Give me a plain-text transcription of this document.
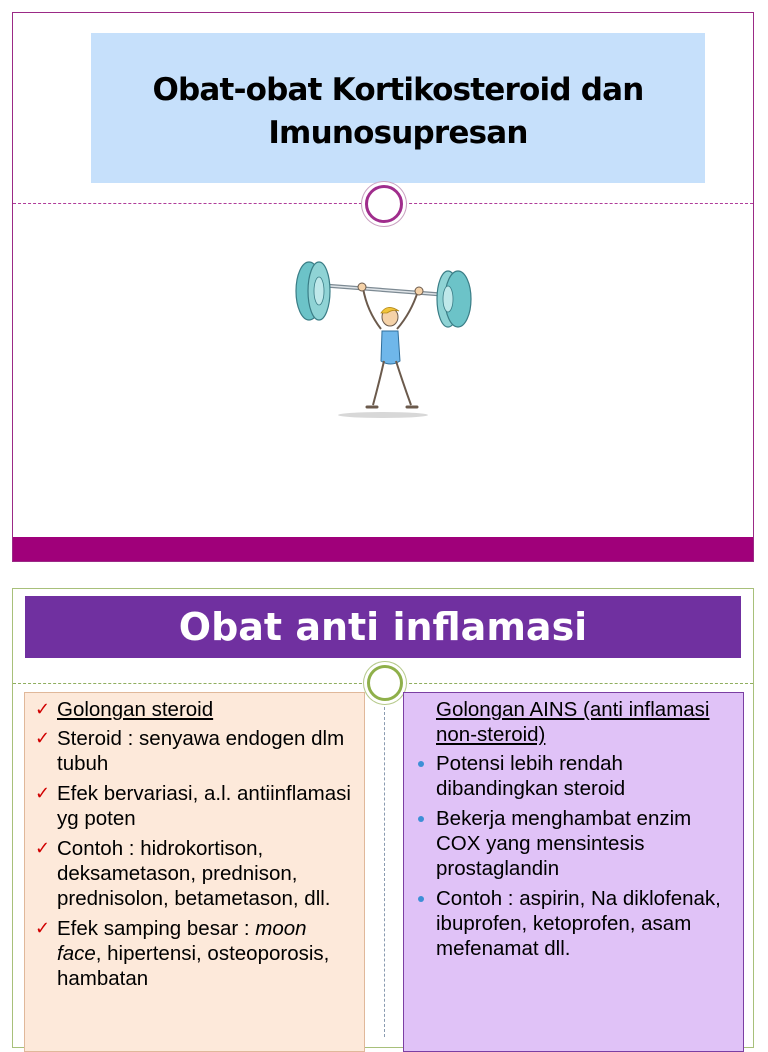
Obat-obat Kortikosteroid dan
Imunosupresan
Obat anti inflamasi
✓ Golongan steroid
✓ Steroid : senyawa endogen dlm tubuh
✓ Efek bervariasi, a.l. antiinflamasi yg poten
✓ Contoh : hidrokortison, deksametason, prednison, prednisolon, betametason, dll.
✓ Efek samping besar : moon face, hipertensi, osteoporosis, hambatan
Golongan AINS (anti inflamasi non-steroid)
Potensi lebih rendah dibandingkan steroid
Bekerja menghambat enzim COX yang mensintesis prostaglandin
Contoh : aspirin, Na diklofenak, ibuprofen, ketoprofen, asam mefenamat dll.
